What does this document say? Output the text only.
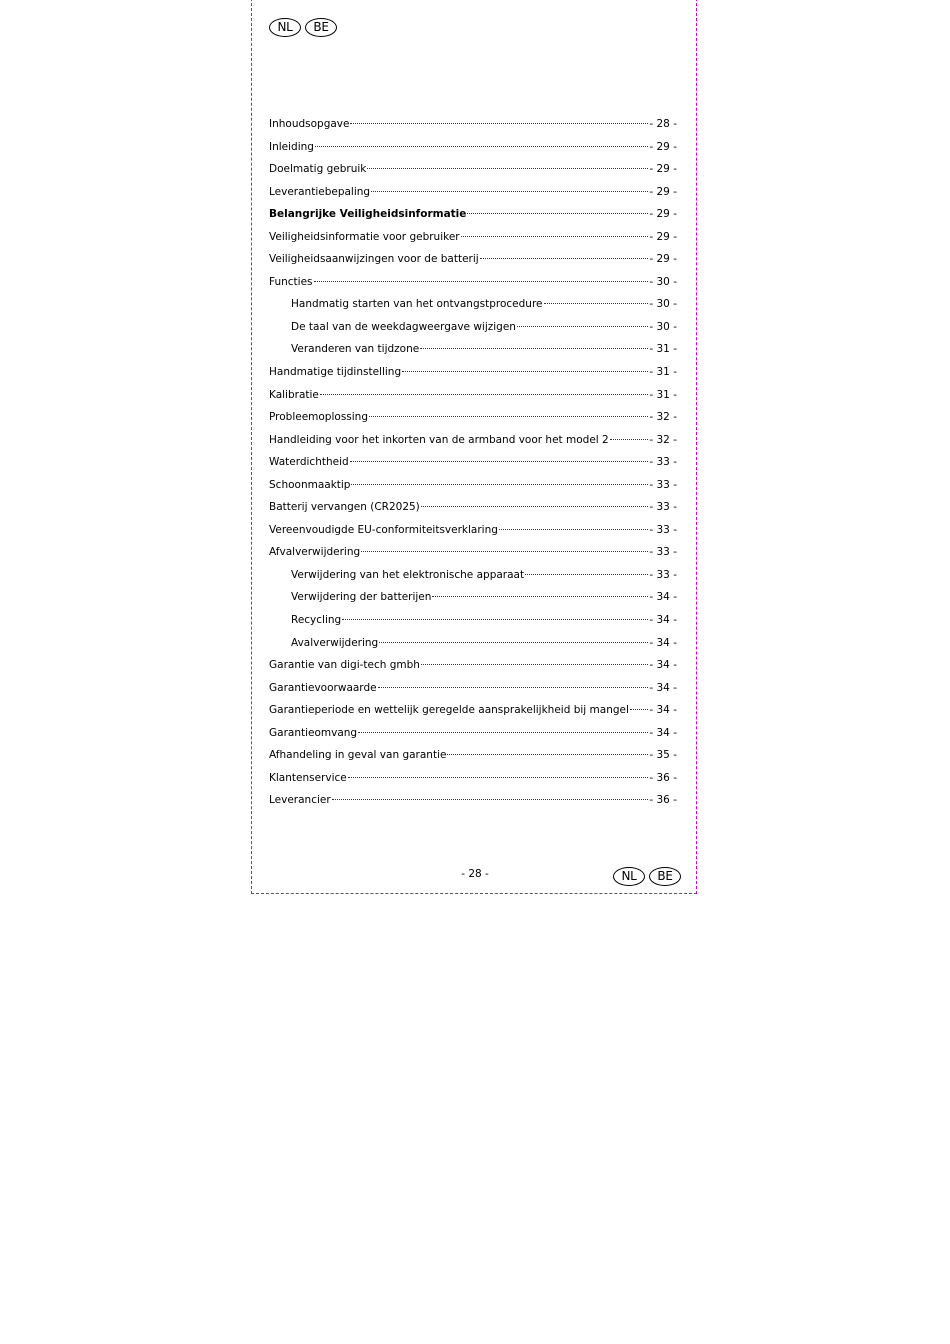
NL	BE
Inhoudsopgave	- 28 -
Inleiding	- 29 -
Doelmatig gebruik	- 29 -
Leverantiebepaling	- 29 -
Belangrijke Veiligheidsinformatie	- 29 -
Veiligheidsinformatie voor gebruiker	- 29 -
Veiligheidsaanwijzingen voor de batterij	- 29 -
Functies	- 30 -
Handmatig starten van het ontvangstprocedure	- 30 -
De taal van de weekdagweergave wijzigen	- 30 -
Veranderen van tijdzone	- 31 -
Handmatige tijdinstelling	- 31 -
Kalibratie	- 31 -
Probleemoplossing	- 32 -
Handleiding voor het inkorten van de armband voor het model 2	- 32 -
Waterdichtheid	- 33 -
Schoonmaaktip	- 33 -
Batterij vervangen (CR2025)	- 33 -
Vereenvoudigde EU-conformiteitsverklaring	- 33 -
Afvalverwijdering	- 33 -
Verwijdering van het elektronische apparaat	- 33 -
Verwijdering der batterijen	- 34 -
Recycling	- 34 -
Avalverwijdering	- 34 -
Garantie van digi-tech gmbh	- 34 -
Garantievoorwaarde	- 34 -
Garantieperiode en wettelijk geregelde aansprakelijkheid bij mangel - 34 -
Garantieomvang	- 34 -
Afhandeling in geval van garantie	- 35 -
Klantenservice	- 36 -
Leverancier	- 36 -
- 28 -	NL	BE
